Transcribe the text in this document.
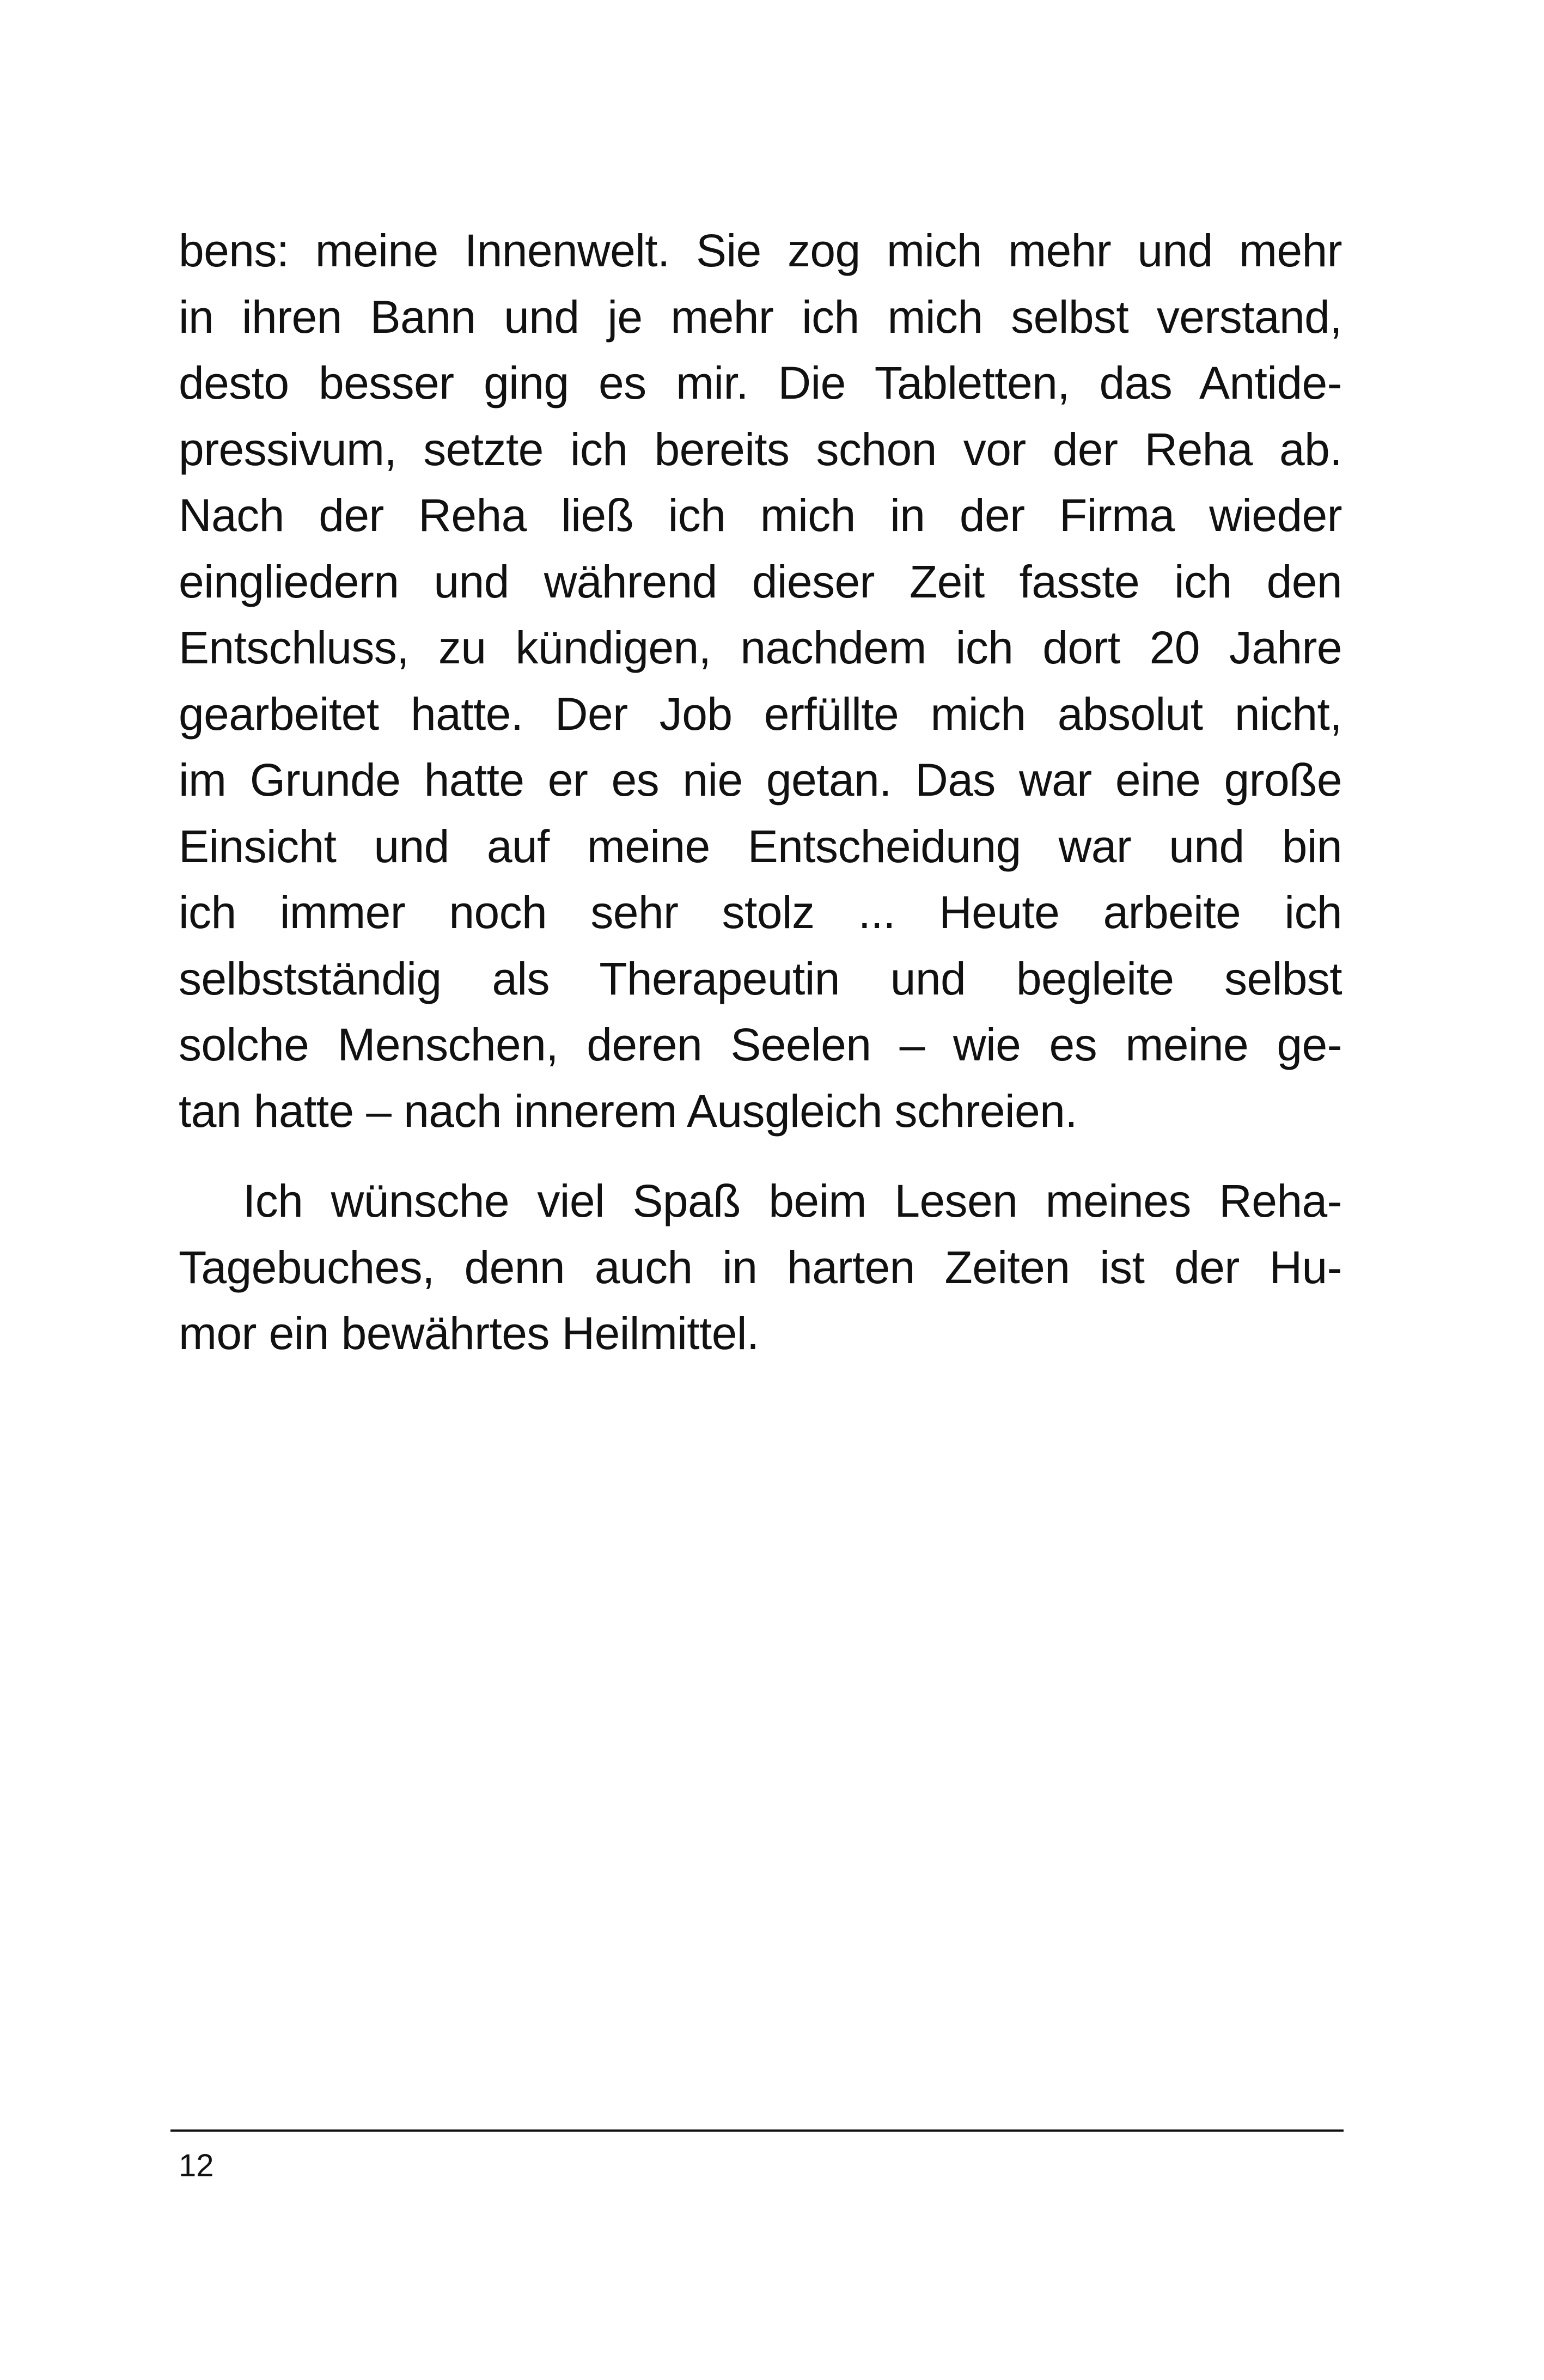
bens: meine Innenwelt. Sie zog mich mehr und mehr
in ihren Bann und je mehr ich mich selbst verstand,
desto besser ging es mir. Die Tabletten, das Antide-
pressivum, setzte ich bereits schon vor der Reha ab.
Nach der Reha ließ ich mich in der Firma wieder
eingliedern und während dieser Zeit fasste ich den
Entschluss, zu kündigen, nachdem ich dort 20 Jahre
gearbeitet hatte. Der Job erfüllte mich absolut nicht,
im Grunde hatte er es nie getan. Das war eine große
Einsicht und auf meine Entscheidung war und bin
ich immer noch sehr stolz ... Heute arbeite ich
selbstständig als Therapeutin und begleite selbst
solche Menschen, deren Seelen – wie es meine ge-
tan hatte – nach innerem Ausgleich schreien.
Ich wünsche viel Spaß beim Lesen meines Reha-
Tagebuches, denn auch in harten Zeiten ist der Hu-
mor ein bewährtes Heilmittel.
12
